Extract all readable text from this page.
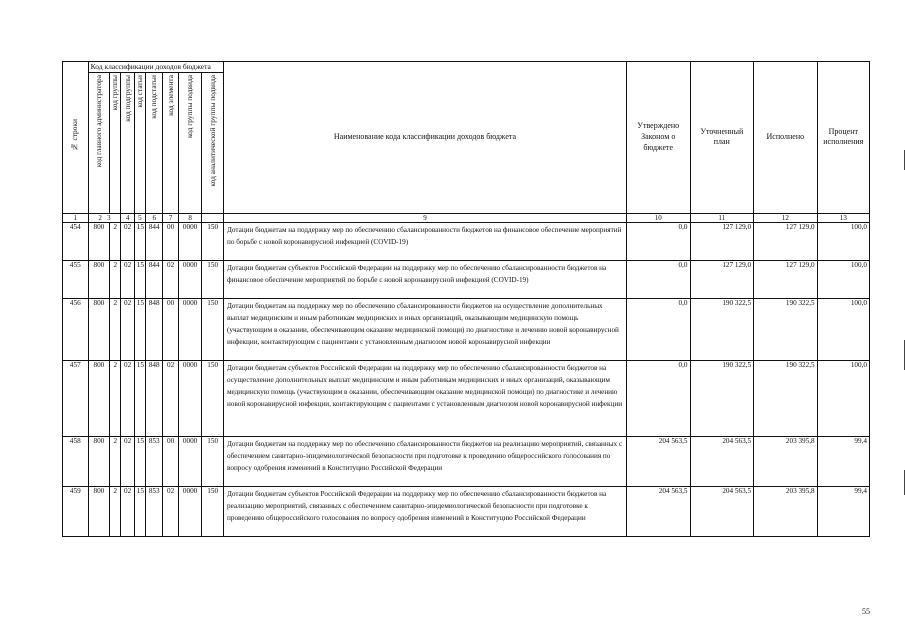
№ строки	Код классификации доходов бюджета								Наименование кода классификации доходов бюджета	Утверждено Законом о бюджете	Уточненный план	Исполнено	Процент исполнения
	код главного администратора	код группы	код подгруппы	код статьи	код подстатьи	код элемента	код группы подвида	код аналитической группы подвида					
1	2 3		4	5	6	7	8		9	10	11	12	13
454	800	2	02	15	844	00	0000	150	Дотации бюджетам на поддержку мер по обеспечению сбалансированности бюджетов на финансовое обеспечение мероприятий по борьбе с новой коронавирусной инфекцией (COVID-19)	0,0	127 129,0	127 129,0	100,0
455	800	2	02	15	844	02	0000	150	Дотации бюджетам субъектов Российской Федерации на поддержку мер по обеспечению сбалансированности бюджетов на финансовое обеспечение мероприятий по борьбе с новой коронавирусной инфекцией (COVID-19)	0,0	127 129,0	127 129,0	100,0
456	800	2	02	15	848	00	0000	150	Дотации бюджетам на поддержку мер по обеспечению сбалансированности бюджетов на осуществление дополнительных выплат медицинским и иным работникам медицинских и иных организаций, оказывающим медицинскую помощь (участвующим в оказании, обеспечивающим оказание медицинской помощи) по диагностике и лечению новой коронавирусной инфекции, контактирующим с пациентами с установленным диагнозом новой коронавирусной инфекции	0,0	190 322,5	190 322,5	100,0
457	800	2	02	15	848	02	0000	150	Дотации бюджетам субъектов Российской Федерации на поддержку мер по обеспечению сбалансированности бюджетов на осуществление дополнительных выплат медицинским и иным работникам медицинских и иных организаций, оказывающим медицинскую помощь (участвующим в оказании, обеспечивающим оказание медицинской помощи) по диагностике и лечению новой коронавирусной инфекции, контактирующим с пациентами с установленным диагнозом новой коронавирусной инфекции	0,0	190 322,5	190 322,5	100,0
458	800	2	02	15	853	00	0000	150	Дотации бюджетам на поддержку мер по обеспечению сбалансированности бюджетов на реализацию мероприятий, связанных с обеспечением санитарно-эпидемиологической безопасности при подготовке к проведению общероссийского голосования по вопросу одобрения изменений в Конституцию Российской Федерации	204 563,5	204 563,5	203 395,8	99,4
459	800	2	02	15	853	02	0000	150	Дотации бюджетам субъектов Российской Федерации на поддержку мер по обеспечению сбалансированности бюджетов на реализацию мероприятий, связанных с обеспечением санитарно-эпидемиологической безопасности при подготовке к проведению общероссийского голосования по вопросу одобрения изменений в Конституцию Российской Федерации	204 563,5	204 563,5	203 395,8	99,4
55
